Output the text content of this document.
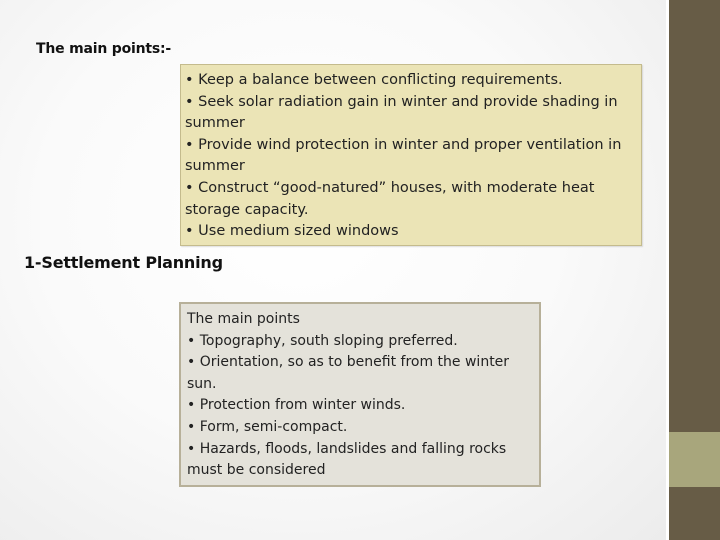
The main points:-
• Keep a balance between conflicting requirements.
• Seek solar radiation gain in winter and provide shading in
summer
• Provide wind protection in winter and proper ventilation in
summer
• Construct “good-natured” houses, with moderate heat
storage capacity.
• Use medium sized windows
1-Settlement Planning
The main points
• Topography, south sloping preferred.
• Orientation, so as to benefit from the winter
sun.
• Protection from winter winds.
• Form, semi-compact.
• Hazards, floods, landslides and falling rocks
must be considered
